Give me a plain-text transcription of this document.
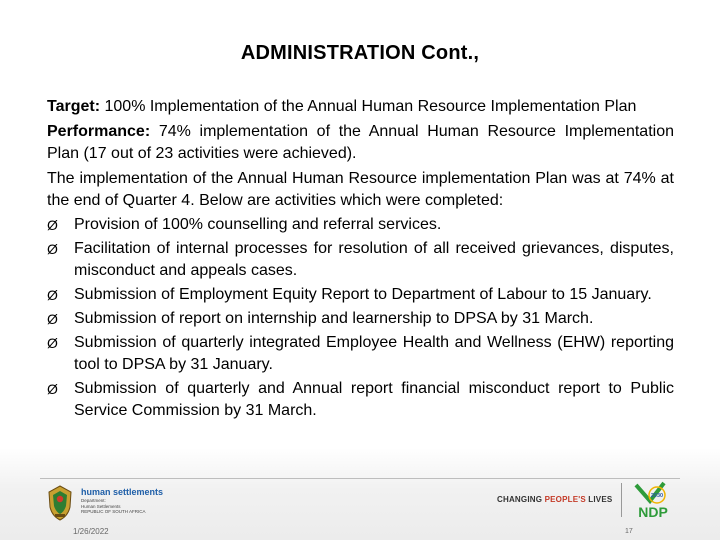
ADMINISTRATION Cont.,

Target: 100% Implementation of the Annual Human Resource Implementation Plan

Performance: 74% implementation of the Annual Human Resource Implementation Plan (17 out of 23 activities were achieved).

The implementation of the Annual Human Resource implementation Plan was at 74% at the end of Quarter 4. Below are activities which were completed:

Ø	Provision of 100% counselling and referral services.
Ø	Facilitation of internal processes for resolution of all received grievances, disputes, misconduct and appeals cases.
Ø	Submission of Employment Equity Report to Department of Labour to 15 January.
Ø	Submission of report on internship and learnership to DPSA by 31 March.
Ø	Submission of quarterly integrated Employee Health and Wellness (EHW) reporting tool to DPSA by 31 January.
Ø	Submission of quarterly and Annual report financial misconduct report to Public Service Commission by 31 March.
human settlements
Department:
Human Settlements
REPUBLIC OF SOUTH AFRICA
CHANGING PEOPLE'S LIVES	2030
NDP
1/26/2022	17
